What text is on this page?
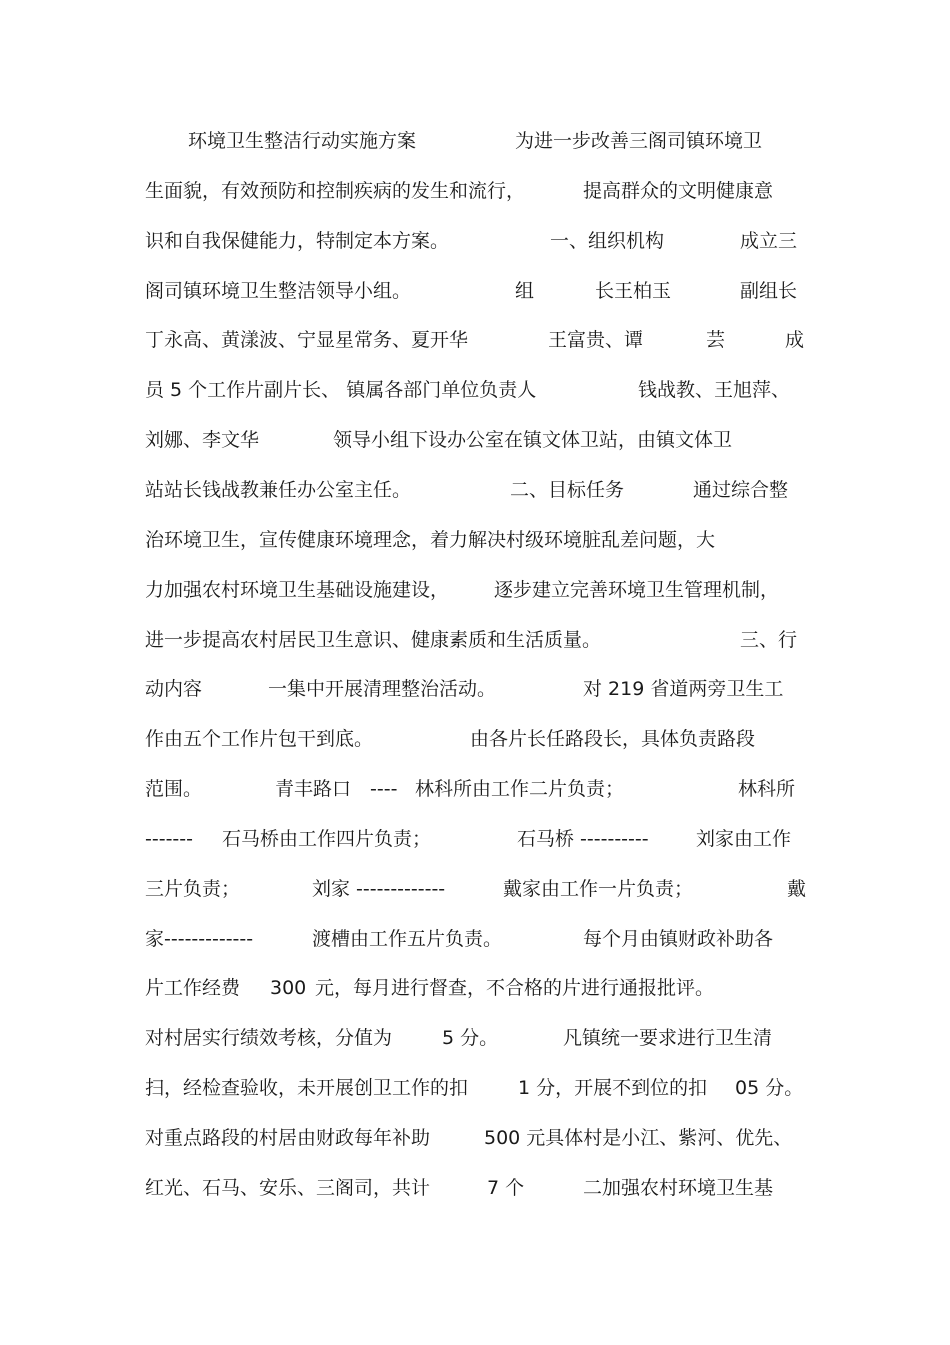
环境卫生整洁行动实施方案	为进一步改善三阁司镇环境卫
生面貌，有效预防和控制疾病的发生和流行，	提高群众的文明健康意
识和自我保健能力，特制定本方案。	一、组织机构	成立三
阁司镇环境卫生整洁领导小组。	组	长王柏玉	副组长
丁永高、黄漾波、宁显星常务、夏开华	王富贵、谭	芸	成
员 5 个工作片副片长、 镇属各部门单位负责人	钱战教、王旭萍、
刘娜、李文华	领导小组下设办公室在镇文体卫站，由镇文体卫
站站长钱战教兼任办公室主任。	二、目标任务	通过综合整
治环境卫生，宣传健康环境理念，着力解决村级环境脏乱差问题，大
力加强农村环境卫生基础设施建设， 逐步建立完善环境卫生管理机制，
进一步提高农村居民卫生意识、健康素质和生活质量。	三、行
动内容	一集中开展清理整治活动。	对 219 省道两旁卫生工
作由五个工作片包干到底。	由各片长任路段长，具体负责路段
范围。	青丰路口 ---- 林科所由工作二片负责；	林科所
------- 石马桥由工作四片负责；	石马桥 ---------- 刘家由工作
三片负责；	刘家 -------------	戴家由工作一片负责；	戴
家-------------	渡槽由工作五片负责。	每个月由镇财政补助各
片工作经费 300 元，每月进行督查，不合格的片进行通报批评。
对村居实行绩效考核，分值为	5 分。	凡镇统一要求进行卫生清
扫，经检查验收，未开展创卫工作的扣	1 分，开展不到位的扣 05 分。
对重点路段的村居由财政每年补助	500 元具体村是小江、紫河、优先、
红光、石马、安乐、三阁司，共计	7 个	二加强农村环境卫生基
